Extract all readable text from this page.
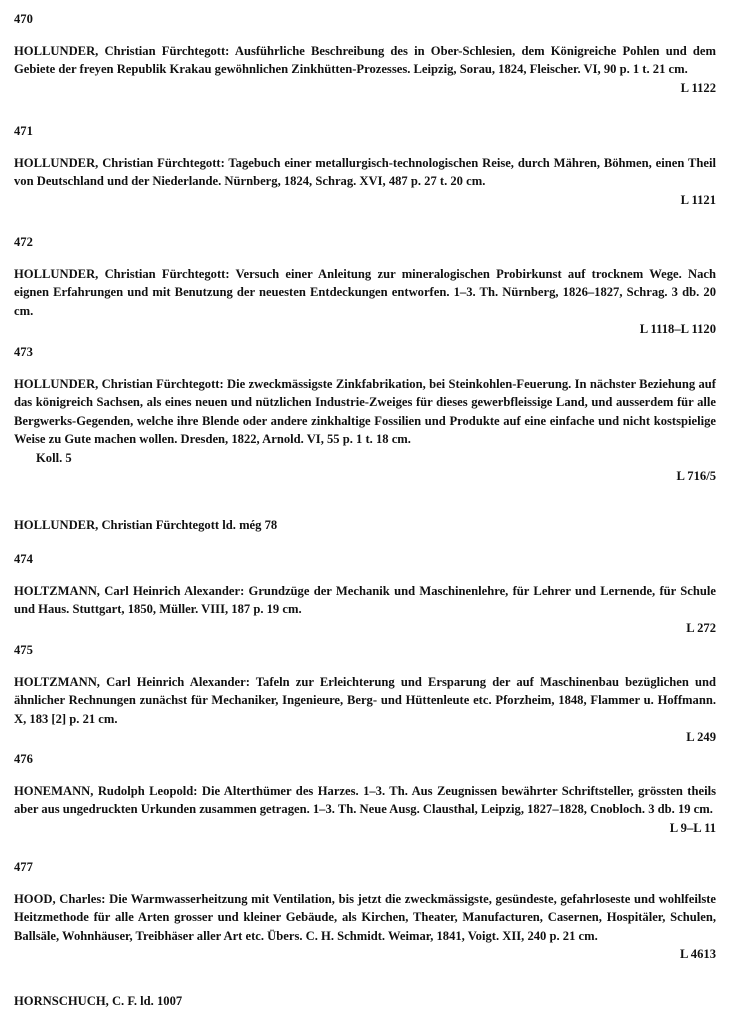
470
HOLLUNDER, Christian Fürchtegott: Ausführliche Beschreibung des in Ober-Schlesien, dem Königreiche Pohlen und dem Gebiete der freyen Republik Krakau gewöhnlichen Zinkhütten-Prozesses. Leipzig, Sorau, 1824, Fleischer. VI, 90 p. 1 t. 21 cm.
L 1122
471
HOLLUNDER, Christian Fürchtegott: Tagebuch einer metallurgisch-technologischen Reise, durch Mähren, Böhmen, einen Theil von Deutschland und der Niederlande. Nürnberg, 1824, Schrag. XVI, 487 p. 27 t. 20 cm.
L 1121
472
HOLLUNDER, Christian Fürchtegott: Versuch einer Anleitung zur mineralogischen Probirkunst auf trocknem Wege. Nach eignen Erfahrungen und mit Benutzung der neuesten Entdeckungen entworfen. 1–3. Th. Nürnberg, 1826–1827, Schrag. 3 db. 20 cm.
L 1118–L 1120
473
HOLLUNDER, Christian Fürchtegott: Die zweckmässigste Zinkfabrikation, bei Steinkohlen-Feuerung. In nächster Beziehung auf das königreich Sachsen, als eines neuen und nützlichen Industrie-Zweiges für dieses gewerbfleissige Land, und ausserdem für alle Bergwerks-Gegenden, welche ihre Blende oder andere zinkhaltige Fossilien und Produkte auf eine einfache und nicht kostspielige Weise zu Gute machen wollen. Dresden, 1822, Arnold. VI, 55 p. 1 t. 18 cm.
Koll. 5
L 716/5
HOLLUNDER, Christian Fürchtegott ld. még 78
474
HOLTZMANN, Carl Heinrich Alexander: Grundzüge der Mechanik und Maschinenlehre, für Lehrer und Lernende, für Schule und Haus. Stuttgart, 1850, Müller. VIII, 187 p. 19 cm.
L 272
475
HOLTZMANN, Carl Heinrich Alexander: Tafeln zur Erleichterung und Ersparung der auf Maschinenbau bezüglichen und ähnlicher Rechnungen zunächst für Mechaniker, Ingenieure, Berg- und Hüttenleute etc. Pforzheim, 1848, Flammer u. Hoffmann. X, 183 [2] p. 21 cm.
L 249
476
HONEMANN, Rudolph Leopold: Die Alterthümer des Harzes. 1–3. Th. Aus Zeugnissen bewährter Schriftsteller, grössten theils aber aus ungedruckten Urkunden zusammen getragen. 1–3. Th. Neue Ausg. Clausthal, Leipzig, 1827–1828, Cnobloch. 3 db. 19 cm.
L 9–L 11
477
HOOD, Charles: Die Warmwasserheitzung mit Ventilation, bis jetzt die zweckmässigste, gesündeste, gefahrloseste und wohlfeilste Heitzmethode für alle Arten grosser und kleiner Gebäude, als Kirchen, Theater, Manufacturen, Casernen, Hospitäler, Schulen, Ballsäle, Wohnhäuser, Treibhäser aller Art etc. Übers. C. H. Schmidt. Weimar, 1841, Voigt. XII, 240 p. 21 cm.
L 4613
HORNSCHUCH, C. F. ld. 1007
